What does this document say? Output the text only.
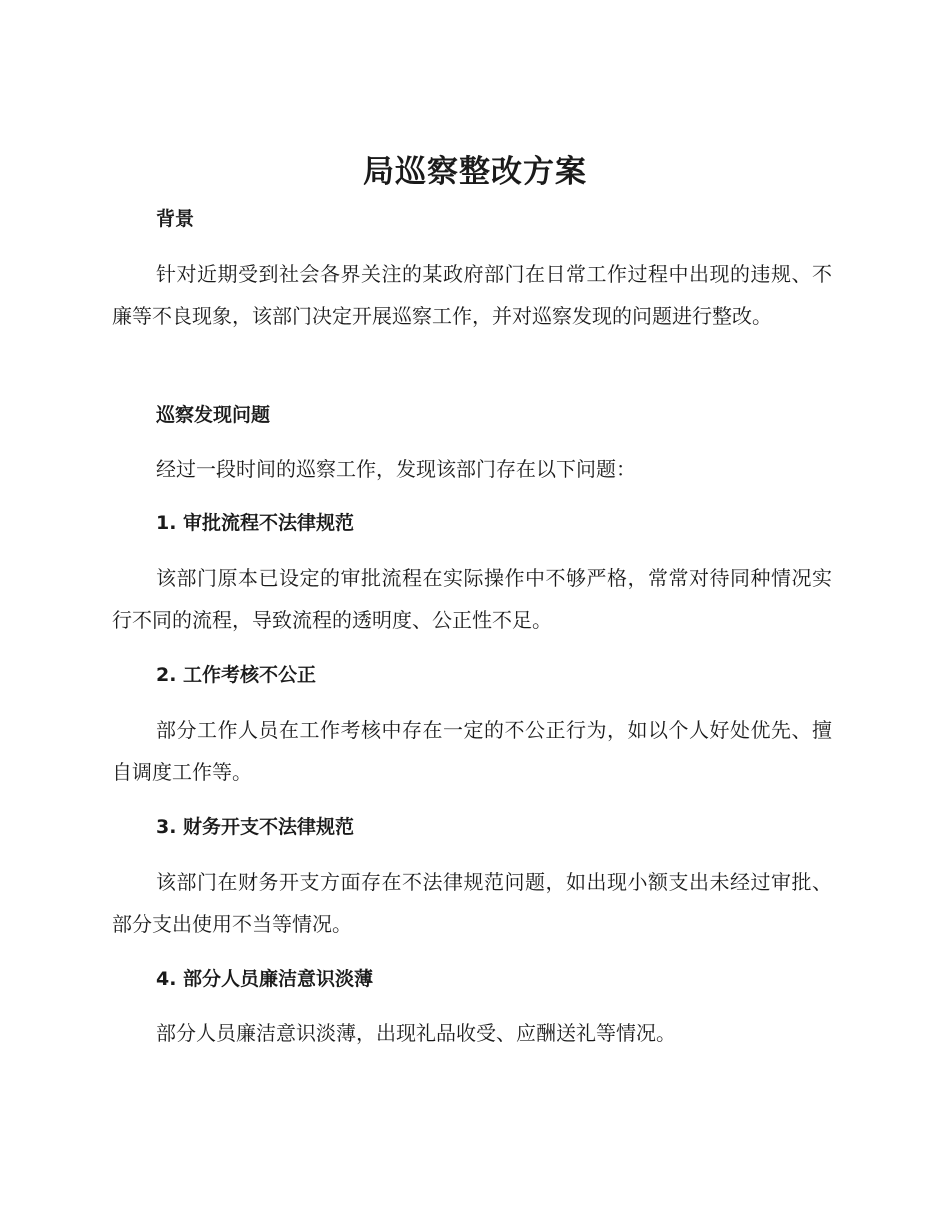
局巡察整改方案
背景

针对近期受到社会各界关注的某政府部门在日常工作过程中出现的违规、不廉等不良现象，该部门决定开展巡察工作，并对巡察发现的问题进行整改。

巡察发现问题

经过一段时间的巡察工作，发现该部门存在以下问题：

1. 审批流程不法律规范

该部门原本已设定的审批流程在实际操作中不够严格，常常对待同种情况实行不同的流程，导致流程的透明度、公正性不足。

2. 工作考核不公正

部分工作人员在工作考核中存在一定的不公正行为，如以个人好处优先、擅自调度工作等。

3. 财务开支不法律规范

该部门在财务开支方面存在不法律规范问题，如出现小额支出未经过审批、部分支出使用不当等情况。

4. 部分人员廉洁意识淡薄

部分人员廉洁意识淡薄，出现礼品收受、应酬送礼等情况。
